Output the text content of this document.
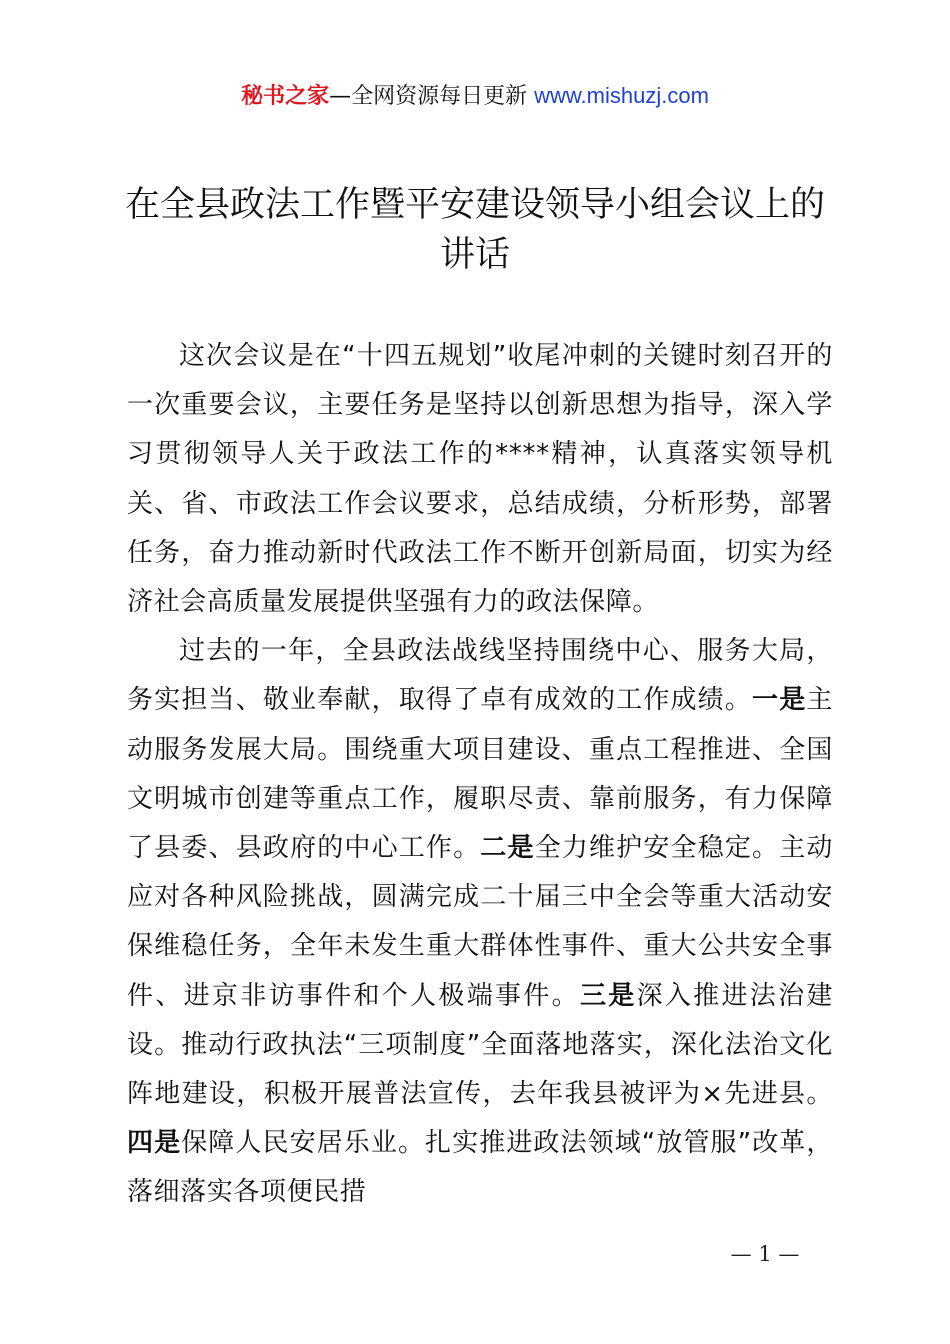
秘书之家—全网资源每日更新 www.mishuzj.com
在全县政法工作暨平安建设领导小组会议上的讲话

这次会议是在“十四五规划”收尾冲刺的关键时刻召开的一次重要会议，主要任务是坚持以创新思想为指导，深入学习贯彻领导人关于政法工作的****精神，认真落实领导机关、省、市政法工作会议要求，总结成绩，分析形势，部署任务，奋力推动新时代政法工作不断开创新局面，切实为经济社会高质量发展提供坚强有力的政法保障。

过去的一年，全县政法战线坚持围绕中心、服务大局，务实担当、敬业奉献，取得了卓有成效的工作成绩。一是主动服务发展大局。围绕重大项目建设、重点工程推进、全国文明城市创建等重点工作，履职尽责、靠前服务，有力保障了县委、县政府的中心工作。二是全力维护安全稳定。主动应对各种风险挑战，圆满完成二十届三中全会等重大活动安保维稳任务，全年未发生重大群体性事件、重大公共安全事件、进京非访事件和个人极端事件。三是深入推进法治建设。推动行政执法“三项制度”全面落地落实，深化法治文化阵地建设，积极开展普法宣传，去年我县被评为×先进县。四是保障人民安居乐业。扎实推进政法领域“放管服”改革，落细落实各项便民措

— 1 —
